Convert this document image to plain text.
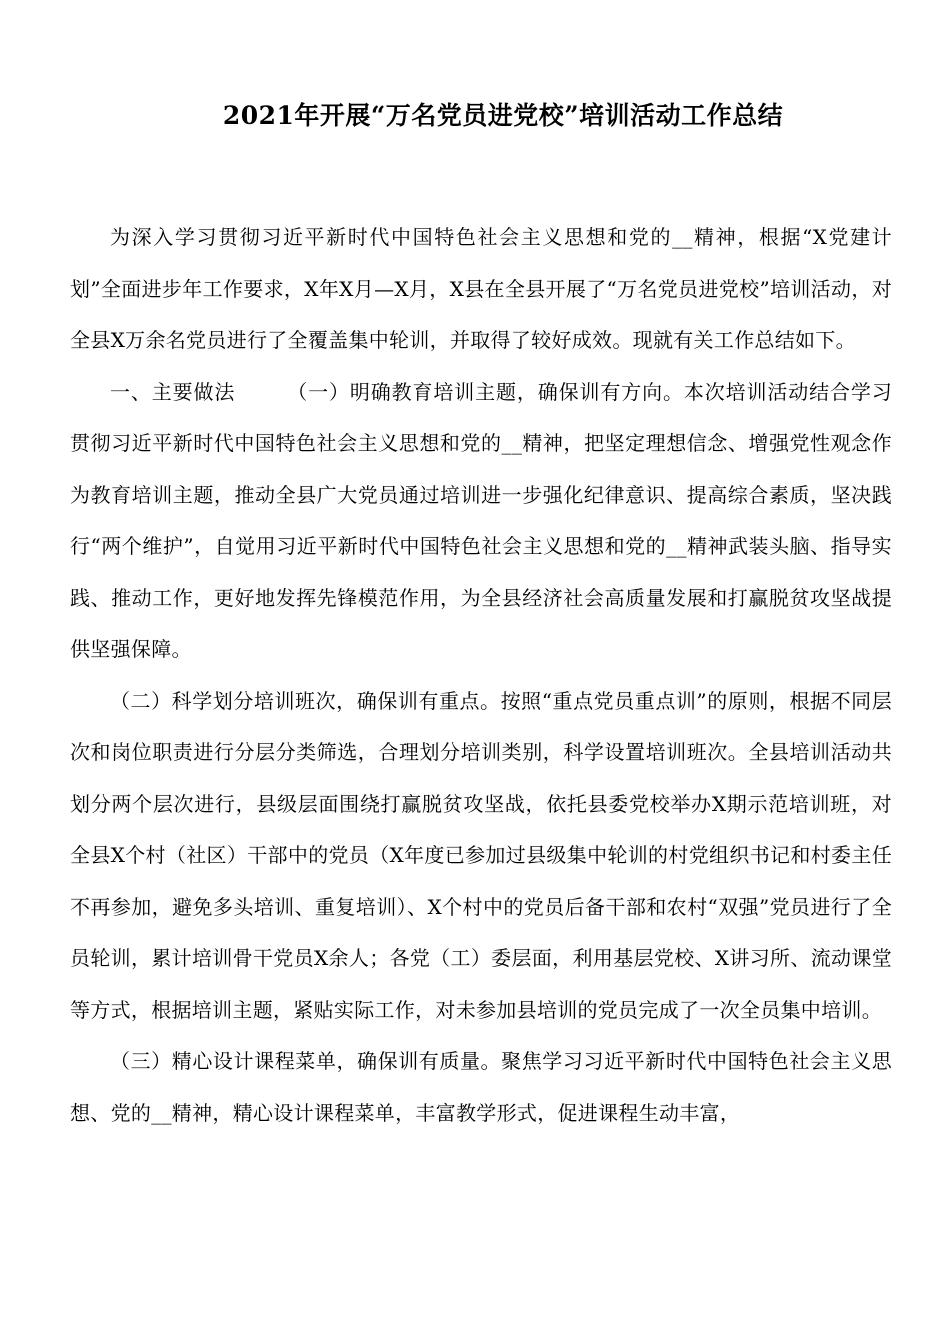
2021年开展“万名党员进党校”培训活动工作总结

为深入学习贯彻习近平新时代中国特色社会主义思想和党的__精神，根据“X党建计划”全面进步年工作要求，X年X月—X月，X县在全县开展了“万名党员进党校”培训活动，对全县X万余名党员进行了全覆盖集中轮训，并取得了较好成效。现就有关工作总结如下。

一、主要做法	（一）明确教育培训主题，确保训有方向。本次培训活动结合学习贯彻习近平新时代中国特色社会主义思想和党的__精神，把坚定理想信念、增强党性观念作为教育培训主题，推动全县广大党员通过培训进一步强化纪律意识、提高综合素质，坚决践行“两个维护”，自觉用习近平新时代中国特色社会主义思想和党的__精神武装头脑、指导实践、推动工作，更好地发挥先锋模范作用，为全县经济社会高质量发展和打赢脱贫攻坚战提供坚强保障。

（二）科学划分培训班次，确保训有重点。按照“重点党员重点训”的原则，根据不同层次和岗位职责进行分层分类筛选，合理划分培训类别，科学设置培训班次。全县培训活动共划分两个层次进行，县级层面围绕打赢脱贫攻坚战，依托县委党校举办X期示范培训班，对全县X个村（社区）干部中的党员（X年度已参加过县级集中轮训的村党组织书记和村委主任不再参加，避免多头培训、重复培训）、X个村中的党员后备干部和农村“双强”党员进行了全员轮训，累计培训骨干党员X余人；各党（工）委层面，利用基层党校、X讲习所、流动课堂等方式，根据培训主题，紧贴实际工作，对未参加县培训的党员完成了一次全员集中培训。

（三）精心设计课程菜单，确保训有质量。聚焦学习习近平新时代中国特色社会主义思想、党的__精神，精心设计课程菜单，丰富教学形式，促进课程生动丰富，
